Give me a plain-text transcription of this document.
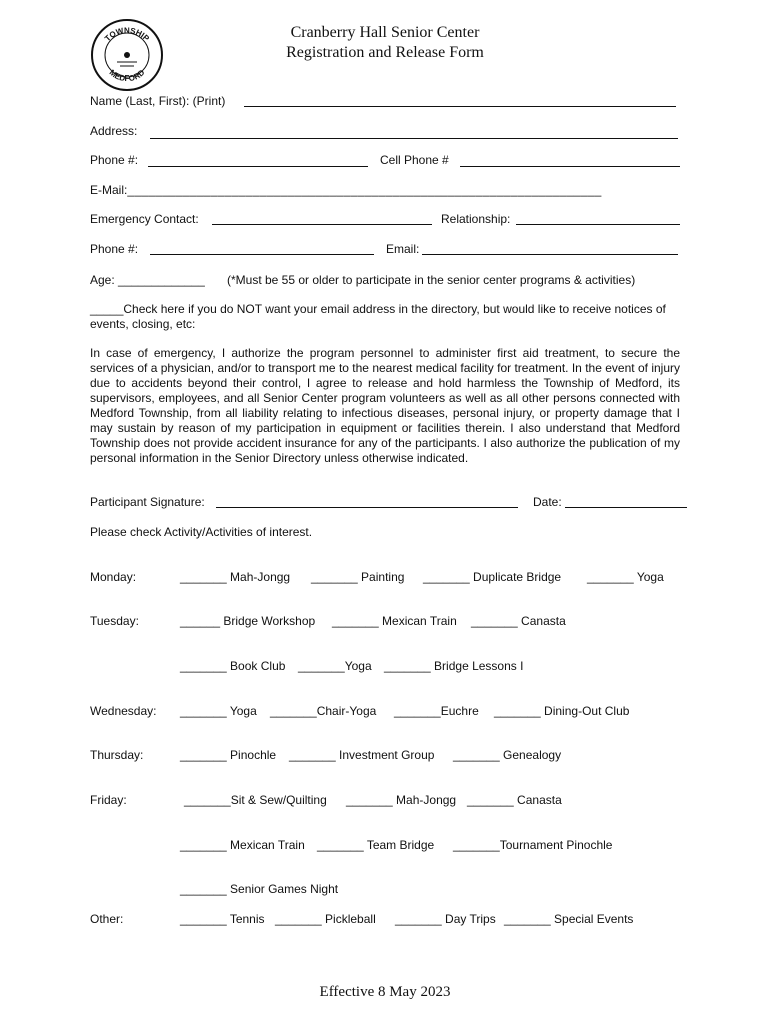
TOWNSHIP
MEDFORD
Cranberry Hall Senior Center
Registration and Release Form
Name (Last, First): (Print)
Address:
Phone #:	Cell Phone #
E-Mail:____________________________________________________________________
Emergency Contact:	Relationship:
Phone #:	Email:
Age: _____________ (*Must be 55 or older to participate in the senior center programs & activities)
_____Check here if you do NOT want your email address in the directory, but would like to receive notices of events, closing, etc:
In case of emergency, I authorize the program personnel to administer first aid treatment, to secure the services of a physician, and/or to transport me to the nearest medical facility for treatment. In the event of injury due to accidents beyond their control, I agree to release and hold harmless the Township of Medford, its supervisors, employees, and all Senior Center program volunteers as well as all other persons connected with Medford Township, from all liability relating to infectious diseases, personal injury, or property damage that I may sustain by reason of my participation in equipment or facilities therein. I also understand that Medford Township does not provide accident insurance for any of the participants. I also authorize the publication of my personal information in the Senior Directory unless otherwise indicated.
Participant Signature:	Date:
Please check Activity/Activities of interest.
Monday:	_______ Mah-Jongg _______ Painting _______ Duplicate Bridge _______ Yoga
Tuesday:	______ Bridge Workshop _______ Mexican Train _______ Canasta
_______ Book Club _______Yoga _______ Bridge Lessons I
Wednesday: _______ Yoga _______Chair-Yoga _______Euchre _______ Dining-Out Club
Thursday:	_______ Pinochle _______ Investment Group _______ Genealogy
Friday:	_______Sit & Sew/Quilting _______ Mah-Jongg _______ Canasta
_______ Mexican Train _______ Team Bridge _______Tournament Pinochle
_______ Senior Games Night
Other:	_______ Tennis _______ Pickleball _______ Day Trips _______ Special Events
Effective 8 May 2023
